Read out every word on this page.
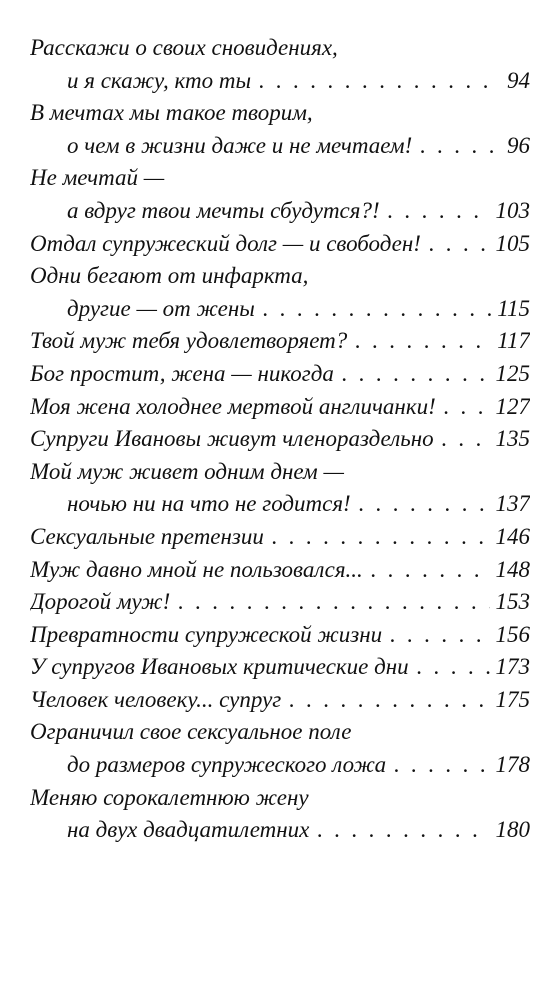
Расскажи о своих сновидениях,
и я скажу, кто ты . . .	94
В мечтах мы такое творим,
о чем в жизни даже и не мечтаем! . . .	96
Не мечтай —
а вдруг твои мечты сбудутся?! . . .	103
Отдал супружеский долг — и свободен! . . .	105
Одни бегают от инфаркта,
другие — от жены . . .	115
Твой муж тебя удовлетворяет? . . .	117
Бог простит, жена — никогда . . .	125
Моя жена холоднее мертвой англичанки! . . .	127
Супруги Ивановы живут членораздельно . . .	135
Мой муж живет одним днем —
ночью ни на что не годится! . . .	137
Сексуальные претензии . . .	146
Муж давно мной не пользовался... . . .	148
Дорогой муж! . . .	153
Превратности супружеской жизни . . .	156
У супругов Ивановых критические дни . . .	173
Человек человеку... супруг . . .	175
Ограничил свое сексуальное поле
до размеров супружеского ложа . . .	178
Меняю сорокалетнюю жену
на двух двадцатилетних . . .	180
